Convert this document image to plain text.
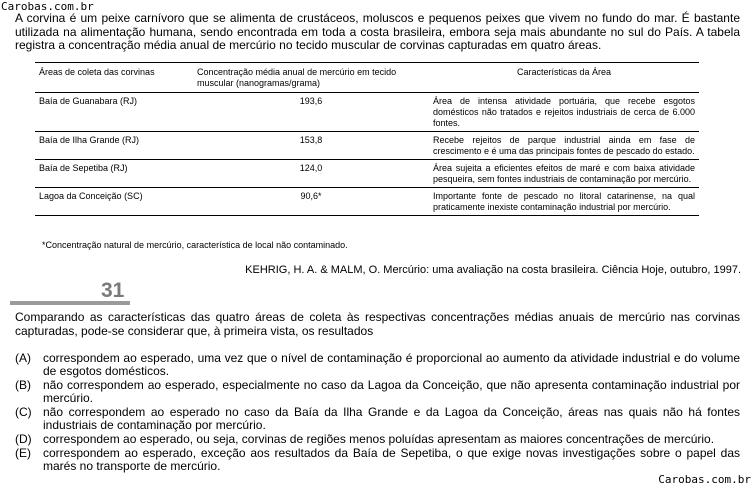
Carobas.com.br
A corvina é um peixe carnívoro que se alimenta de crustáceos, moluscos e pequenos peixes que vivem no fundo do mar. É bastante utilizada na alimentação humana, sendo encontrada em toda a costa brasileira, embora seja mais abundante no sul do País. A tabela registra a concentração média anual de mercúrio no tecido muscular de corvinas capturadas em quatro áreas.
Áreas de coleta das corvinas	Concentração média anual de mercúrio em tecido muscular (nanogramas/grama)	Características da Área
Baía de Guanabara (RJ)	193,6	Área de intensa atividade portuária, que recebe esgotos domésticos não tratados e rejeitos industriais de cerca de 6.000 fontes.
Baía de Ilha Grande (RJ)	153,8	Recebe rejeitos de parque industrial ainda em fase de crescimento e é uma das principais fontes de pescado do estado.
Baía de Sepetiba (RJ)	124,0	Área sujeita a eficientes efeitos de maré e com baixa atividade pesqueira, sem fontes industriais de contaminação por mercúrio.
Lagoa da Conceição (SC)	90,6*	Importante fonte de pescado no litoral catarinense, na qual praticamente inexiste contaminação industrial por mercúrio.
*Concentração natural de mercúrio, característica de local não contaminado.
KEHRIG, H. A. & MALM, O. Mercúrio: uma avaliação na costa brasileira. Ciência Hoje, outubro, 1997.
31
Comparando as características das quatro áreas de coleta às respectivas concentrações médias anuais de mercúrio nas corvinas capturadas, pode-se considerar que, à primeira vista, os resultados
(A)	correspondem ao esperado, uma vez que o nível de contaminação é proporcional ao aumento da atividade industrial e do volume de esgotos domésticos.
(B)	não correspondem ao esperado, especialmente no caso da Lagoa da Conceição, que não apresenta contaminação industrial por mercúrio.
(C) não correspondem ao esperado no caso da Baía da Ilha Grande e da Lagoa da Conceição, áreas nas quais não há fontes industriais de contaminação por mercúrio.
(D) correspondem ao esperado, ou seja, corvinas de regiões menos poluídas apresentam as maiores concentrações de mercúrio.
(E)	correspondem ao esperado, exceção aos resultados da Baía de Sepetiba, o que exige novas investigações sobre o papel das marés no transporte de mercúrio.
Carobas.com.br
